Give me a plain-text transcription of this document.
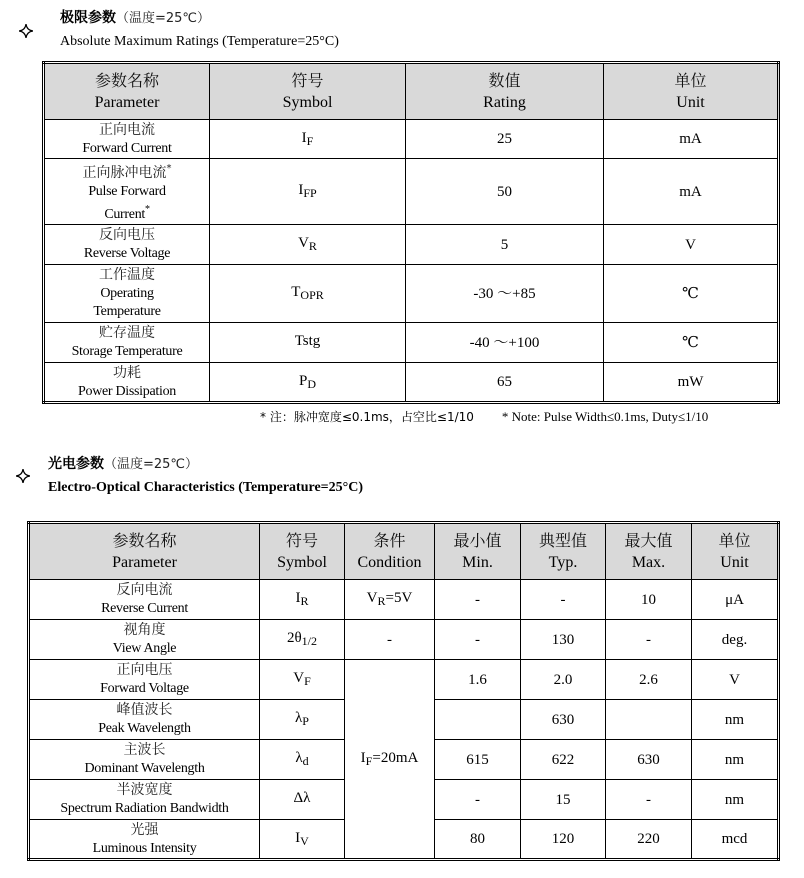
极限参数（温度=25℃）
Absolute Maximum Ratings (Temperature=25°C)
参数名称
Parameter	符号
Symbol	数值
Rating	单位
Unit

正向电流
Forward Current	$I_F$	25	mA

正向脉冲电流*
Pulse Forward
Current*	$I_{FP}$	50	mA

反向电压
Reverse Voltage	$V_R$	5	V

工作温度
Operating
Temperature	$T_{OPR}$	-30 ～+85	℃

贮存温度
Storage Temperature	Tstg	-40 ～+100	℃

功耗
Power Dissipation	$P_D$	65	mW
* 注：脉冲宽度≤0.1ms，占空比≤1/10 * Note: Pulse Width≤0.1ms, Duty≤1/10
光电参数（温度=25℃）
Electro-Optical Characteristics (Temperature=25°C)
参数名称
Parameter	符号
Symbol	条件
Condition	最小值
Min.	典型值
Typ.	最大值
Max.	单位
Unit

反向电流
Reverse Current	$I_R$	$V_R=5V$	-	-	10	μA

视角度
View Angle	$2\theta_{1/2}$	-	-	130	-	deg.

正向电压
Forward Voltage	$V_F$	$I_F=20mA$	1.6	2.0	2.6	V

峰值波长
Peak Wavelength	$\lambda_P$			630		nm

主波长
Dominant Wavelength	$\lambda_d$		615	622	630	nm

半波宽度
Spectrum Radiation Bandwidth	Δλ		-	15	-	nm

光强
Luminous Intensity	$I_V$		80	120	220	mcd
